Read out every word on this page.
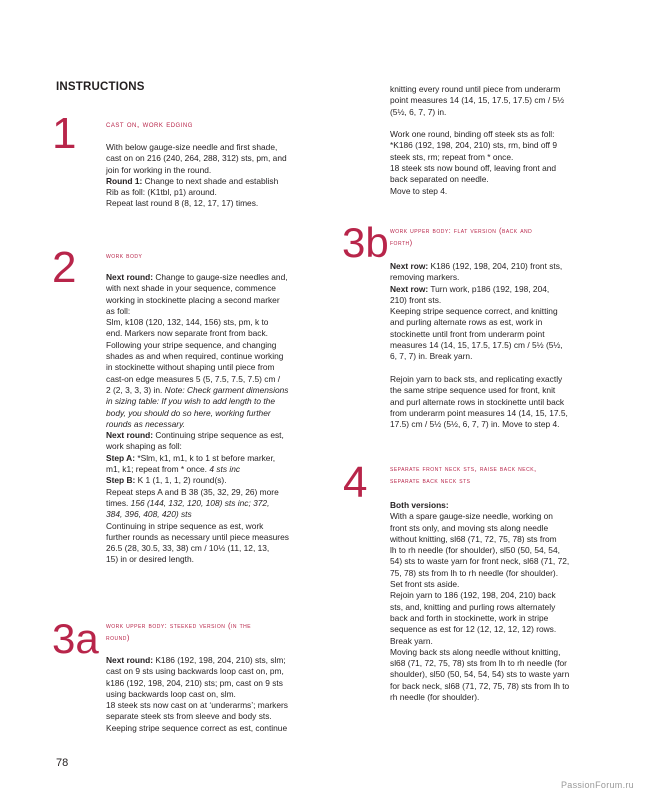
INSTRUCTIONS
1	cast on, work edging

With below gauge-size needle and first shade,

cast on on 216 (240, 264, 288, 312) sts, pm, and

join for working in the round.

Round 1: Change to next shade and establish

Rib as foll: (K1tbl, p1) around.

Repeat last round 8 (8, 12, 17, 17) times.

2	work body

Next round: Change to gauge-size needles and,

with next shade in your sequence, commence

working in stockinette placing a second marker

as foll:

Slm, k108 (120, 132, 144, 156) sts, pm, k to

end. Markers now separate front from back.

Following your stripe sequence, and changing

shades as and when required, continue working

in stockinette without shaping until piece from

cast-on edge measures 5 (5, 7.5, 7.5, 7.5) cm /

2 (2, 3, 3, 3) in. Note: Check garment dimensions

in sizing table: If you wish to add length to the

body, you should do so here, working further

rounds as necessary.

Next round: Continuing stripe sequence as est,

work shaping as foll:

Step A: *Slm, k1, m1, k to 1 st before marker,

m1, k1; repeat from * once. 4 sts inc

Step B: K 1 (1, 1, 1, 2) round(s).

Repeat steps A and B 38 (35, 32, 29, 26) more

times. 156 (144, 132, 120, 108) sts inc; 372,

384, 396, 408, 420) sts

Continuing in stripe sequence as est, work

further rounds as necessary until piece measures

26.5 (28, 30.5, 33, 38) cm / 10½ (11, 12, 13,

15) in or desired length.

3a work upper body: steeked version (in the
round)

Next round: K186 (192, 198, 204, 210) sts, slm;

cast on 9 sts using backwards loop cast on, pm,

k186 (192, 198, 204, 210) sts; pm, cast on 9 sts

using backwards loop cast on, slm.

18 steek sts now cast on at ‘underarms’; markers

separate steek sts from sleeve and body sts.

Keeping stripe sequence correct as est, continue

knitting every round until piece from underarm

point measures 14 (14, 15, 17.5, 17.5) cm / 5½

(5½, 6, 7, 7) in.

Work one round, binding off steek sts as foll:

*K186 (192, 198, 204, 210) sts, rm, bind off 9

steek sts, rm; repeat from * once.

18 steek sts now bound off, leaving front and

back separated on needle.

Move to step 4.

3b work upper body: flat version (back and
forth)

Next row: K186 (192, 198, 204, 210) front sts,

removing markers.

Next row: Turn work, p186 (192, 198, 204,

210) front sts.

Keeping stripe sequence correct, and knitting

and purling alternate rows as est, work in

stockinette until front from underarm point

measures 14 (14, 15, 17.5, 17.5) cm / 5½ (5½,

6, 7, 7) in. Break yarn.

Rejoin yarn to back sts, and replicating exactly

the same stripe sequence used for front, knit

and purl alternate rows in stockinette until back

from underarm point measures 14 (14, 15, 17.5,

17.5) cm / 5½ (5½, 6, 7, 7) in. Move to step 4.

4	separate front neck sts, raise back neck,
separate back neck sts

Both versions:

With a spare gauge-size needle, working on

front sts only, and moving sts along needle

without knitting, sl68 (71, 72, 75, 78) sts from

lh to rh needle (for shoulder), sl50 (50, 54, 54,

54) sts to waste yarn for front neck, sl68 (71, 72,

75, 78) sts from lh to rh needle (for shoulder).

Set front sts aside.

Rejoin yarn to 186 (192, 198, 204, 210) back

sts, and, knitting and purling rows alternately

back and forth in stockinette, work in stripe

sequence as est for 12 (12, 12, 12, 12) rows.

Break yarn.

Moving back sts along needle without knitting,

sl68 (71, 72, 75, 78) sts from lh to rh needle (for

shoulder), sl50 (50, 54, 54, 54) sts to waste yarn

for back neck, sl68 (71, 72, 75, 78) sts from lh to

rh needle (for shoulder).

78
PassionForum.ru
